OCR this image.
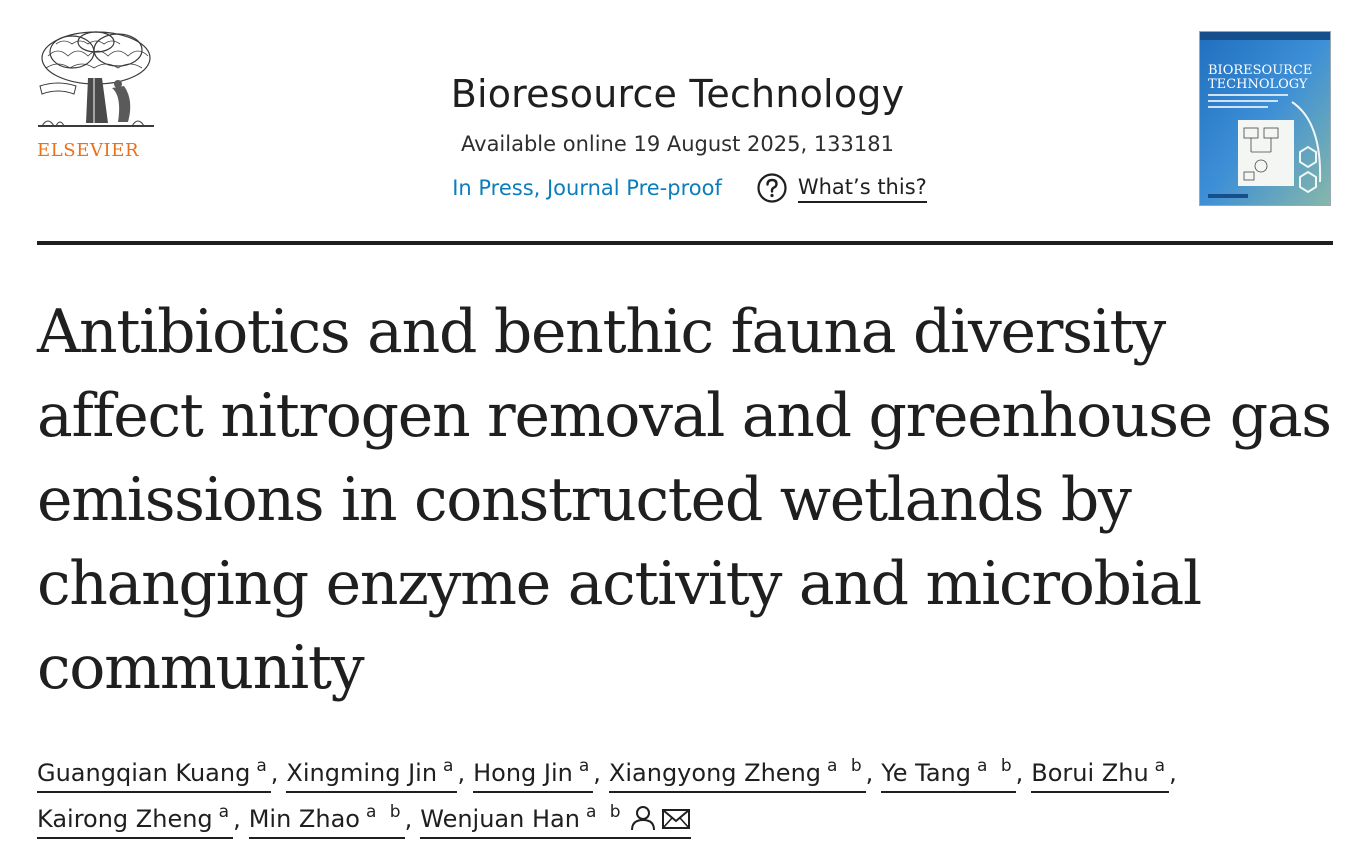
ELSEVIER
Bioresource Technology
Available online 19 August 2025, 133181
In Press, Journal Pre-proof	What’s this?
BIORESOURCE
TECHNOLOGY
Antibiotics and benthic fauna diversity
affect nitrogen removal and greenhouse gas
emissions in constructed wetlands by
changing enzyme activity and microbial
community
Guangqian Kuang $^a$, Xingming Jin $^a$, Hong Jin $^a$, Xiangyong Zheng $^{a b}$, Ye Tang $^{a b}$, Borui Zhu $^a$,
Kairong Zheng $^a$, Min Zhao $^{a b}$, Wenjuan Han $^{a b}$
